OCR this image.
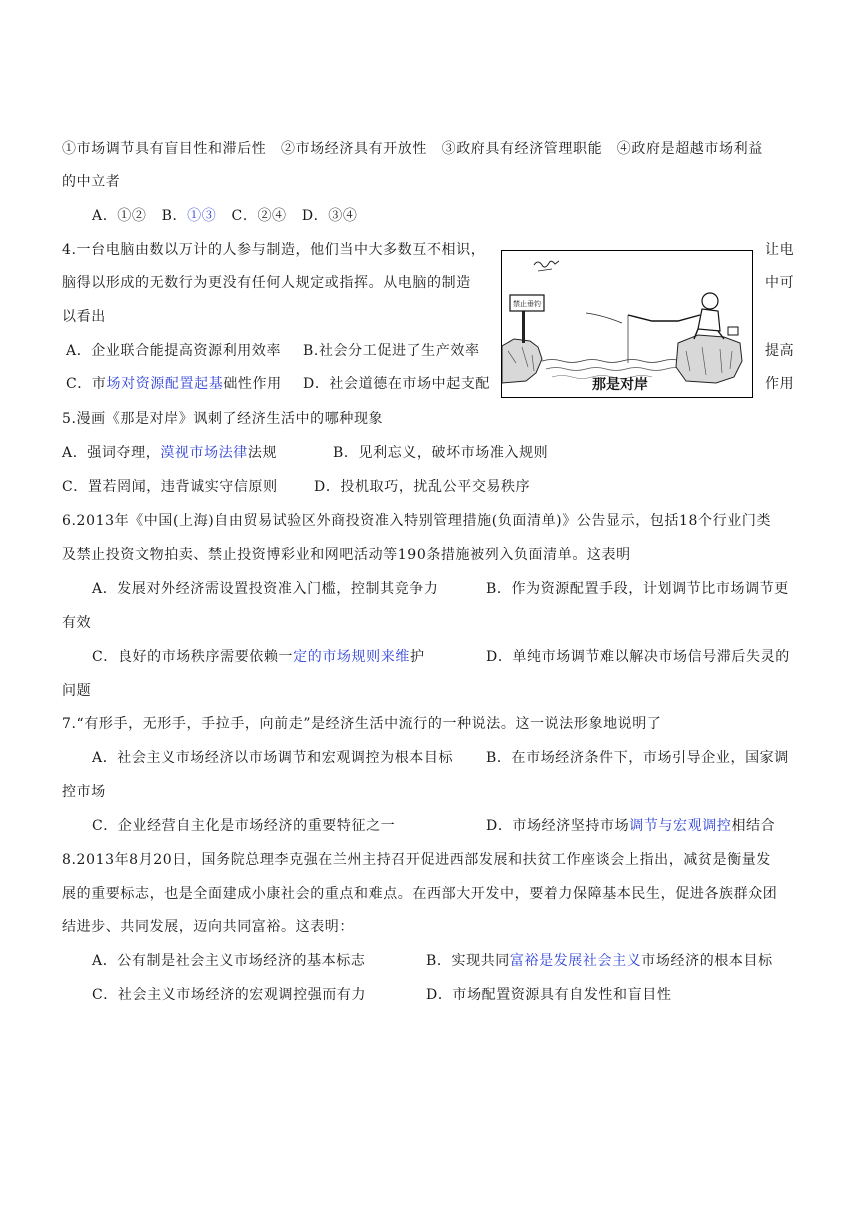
①市场调节具有盲目性和滞后性　②市场经济具有开放性　③政府具有经济管理职能　④政府是超越市场利益
的中立者
A．①② B．①③ C．②④ D．③④
4.一台电脑由数以万计的人参与制造，他们当中大多数互不相识，	让电
脑得以形成的无数行为更没有任何人规定或指挥。从电脑的制造	中可
以看出
A．企业联合能提高资源利用效率 B.社会分工促进了生产效率	提高
C．市场对资源配置起基础性作用 D．社会道德在市场中起支配	作用
禁止垂钓
那是对岸
5.漫画《那是对岸》讽刺了经济生活中的哪种现象
A．强词夺理，漠视市场法律法规	B．见利忘义，破坏市场准入规则
C．置若罔闻，违背诚实守信原则	D．投机取巧，扰乱公平交易秩序
6.2013年《中国(上海)自由贸易试验区外商投资准入特别管理措施(负面清单)》公告显示，包括18个行业门类
及禁止投资文物拍卖、禁止投资博彩业和网吧活动等190条措施被列入负面清单。这表明
A．发展对外经济需设置投资准入门槛，控制其竞争力	B．作为资源配置手段，计划调节比市场调节更
有效
C．良好的市场秩序需要依赖一定的市场规则来维护	D．单纯市场调节难以解决市场信号滞后失灵的
问题
7.“有形手，无形手，手拉手，向前走”是经济生活中流行的一种说法。这一说法形象地说明了
A．社会主义市场经济以市场调节和宏观调控为根本目标 B．在市场经济条件下，市场引导企业，国家调
控市场
C．企业经营自主化是市场经济的重要特征之一	D．市场经济坚持市场调节与宏观调控相结合
8.2013年8月20日，国务院总理李克强在兰州主持召开促进西部发展和扶贫工作座谈会上指出，减贫是衡量发
展的重要标志，也是全面建成小康社会的重点和难点。在西部大开发中，要着力保障基本民生，促进各族群众团
结进步、共同发展，迈向共同富裕。这表明：
A．公有制是社会主义市场经济的基本标志	B．实现共同富裕是发展社会主义市场经济的根本目标
C．社会主义市场经济的宏观调控强而有力	D．市场配置资源具有自发性和盲目性
